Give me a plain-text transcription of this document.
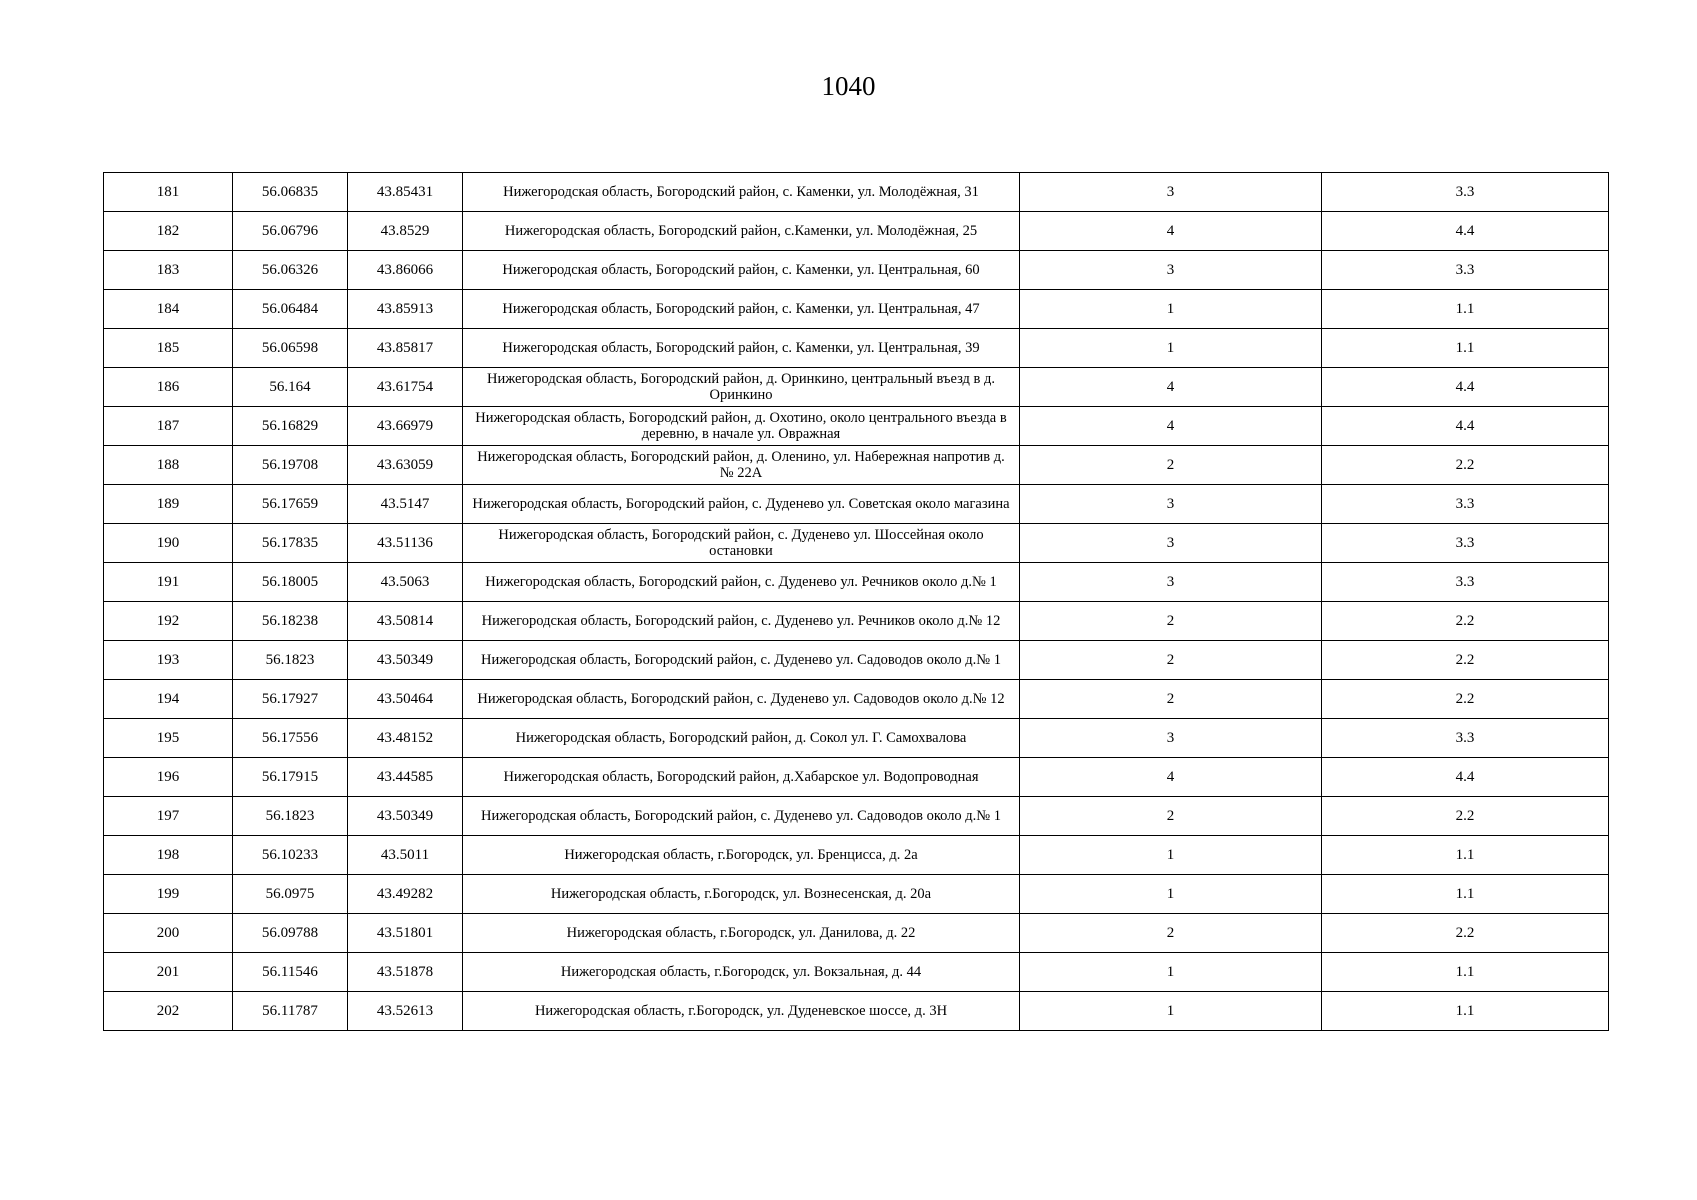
1040
181	56.06835	43.85431	Нижегородская область, Богородский район, с. Каменки, ул. Молодёжная, 31	3	3.3
182	56.06796	43.8529	Нижегородская область, Богородский район, с.Каменки, ул. Молодёжная, 25	4	4.4
183	56.06326	43.86066	Нижегородская область, Богородский район, с. Каменки, ул. Центральная, 60	3	3.3
184	56.06484	43.85913	Нижегородская область, Богородский район, с. Каменки, ул. Центральная, 47	1	1.1
185	56.06598	43.85817	Нижегородская область, Богородский район, с. Каменки, ул. Центральная, 39	1	1.1
186	56.164	43.61754	Нижегородская область, Богородский район, д. Оринкино, центральный въезд в д. Оринкино	4	4.4
187	56.16829	43.66979	Нижегородская область, Богородский район, д. Охотино, около центрального въезда в деревню, в начале ул. Овражная	4	4.4
188	56.19708	43.63059	Нижегородская область, Богородский район, д. Оленино, ул. Набережная напротив д. № 22А	2	2.2
189	56.17659	43.5147	Нижегородская область, Богородский район, с. Дуденево ул. Советская около магазина	3	3.3
190	56.17835	43.51136	Нижегородская область, Богородский район, с. Дуденево ул. Шоссейная около остановки	3	3.3
191	56.18005	43.5063	Нижегородская область, Богородский район, с. Дуденево ул. Речников около д.№ 1	3	3.3
192	56.18238	43.50814	Нижегородская область, Богородский район, с. Дуденево ул. Речников около д.№ 12	2	2.2
193	56.1823	43.50349	Нижегородская область, Богородский район, с. Дуденево ул. Садоводов около д.№ 1	2	2.2
194	56.17927	43.50464	Нижегородская область, Богородский район, с. Дуденево ул. Садоводов около д.№ 12	2	2.2
195	56.17556	43.48152	Нижегородская область, Богородский район, д. Сокол ул. Г. Самохвалова	3	3.3
196	56.17915	43.44585	Нижегородская область, Богородский район, д.Хабарское ул. Водопроводная	4	4.4
197	56.1823	43.50349	Нижегородская область, Богородский район, с. Дуденево ул. Садоводов около д.№ 1	2	2.2
198	56.10233	43.5011	Нижегородская область, г.Богородск, ул. Бренцисса, д. 2а	1	1.1
199	56.0975	43.49282	Нижегородская область, г.Богородск, ул. Вознесенская, д. 20а	1	1.1
200	56.09788	43.51801	Нижегородская область, г.Богородск, ул. Данилова, д. 22	2	2.2
201	56.11546	43.51878	Нижегородская область, г.Богородск, ул. Вокзальная, д. 44	1	1.1
202	56.11787	43.52613	Нижегородская область, г.Богородск, ул. Дуденевское шоссе, д. 3Н	1	1.1
